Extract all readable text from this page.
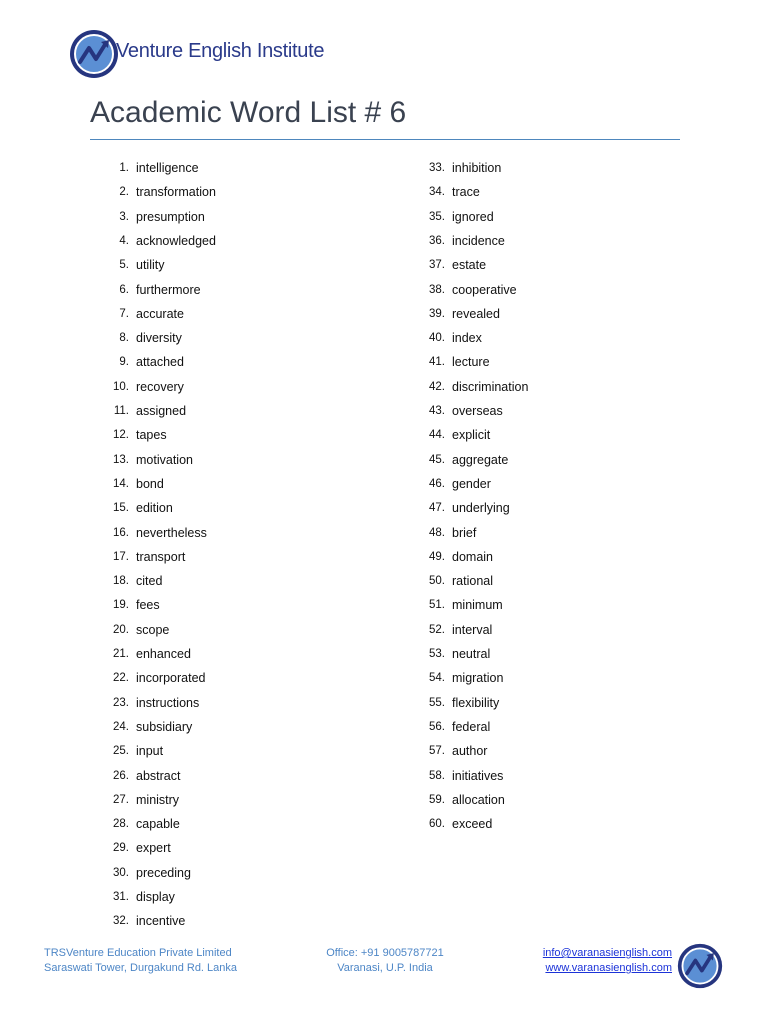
Venture English Institute
Academic Word List # 6
1. intelligence
2. transformation
3. presumption
4. acknowledged
5. utility
6. furthermore
7. accurate
8. diversity
9. attached
10. recovery
11. assigned
12. tapes
13. motivation
14. bond
15. edition
16. nevertheless
17. transport
18. cited
19. fees
20. scope
21. enhanced
22. incorporated
23. instructions
24. subsidiary
25. input
26. abstract
27. ministry
28. capable
29. expert
30. preceding
31. display
32. incentive
33. inhibition
34. trace
35. ignored
36. incidence
37. estate
38. cooperative
39. revealed
40. index
41. lecture
42. discrimination
43. overseas
44. explicit
45. aggregate
46. gender
47. underlying
48. brief
49. domain
50. rational
51. minimum
52. interval
53. neutral
54. migration
55. flexibility
56. federal
57. author
58. initiatives
59. allocation
60. exceed
TRSVenture Education Private Limited
Saraswati Tower, Durgakund Rd. Lanka
Office: +91 9005787721
Varanasi, U.P. India
info@varanasienglish.com
www.varanasienglish.com
